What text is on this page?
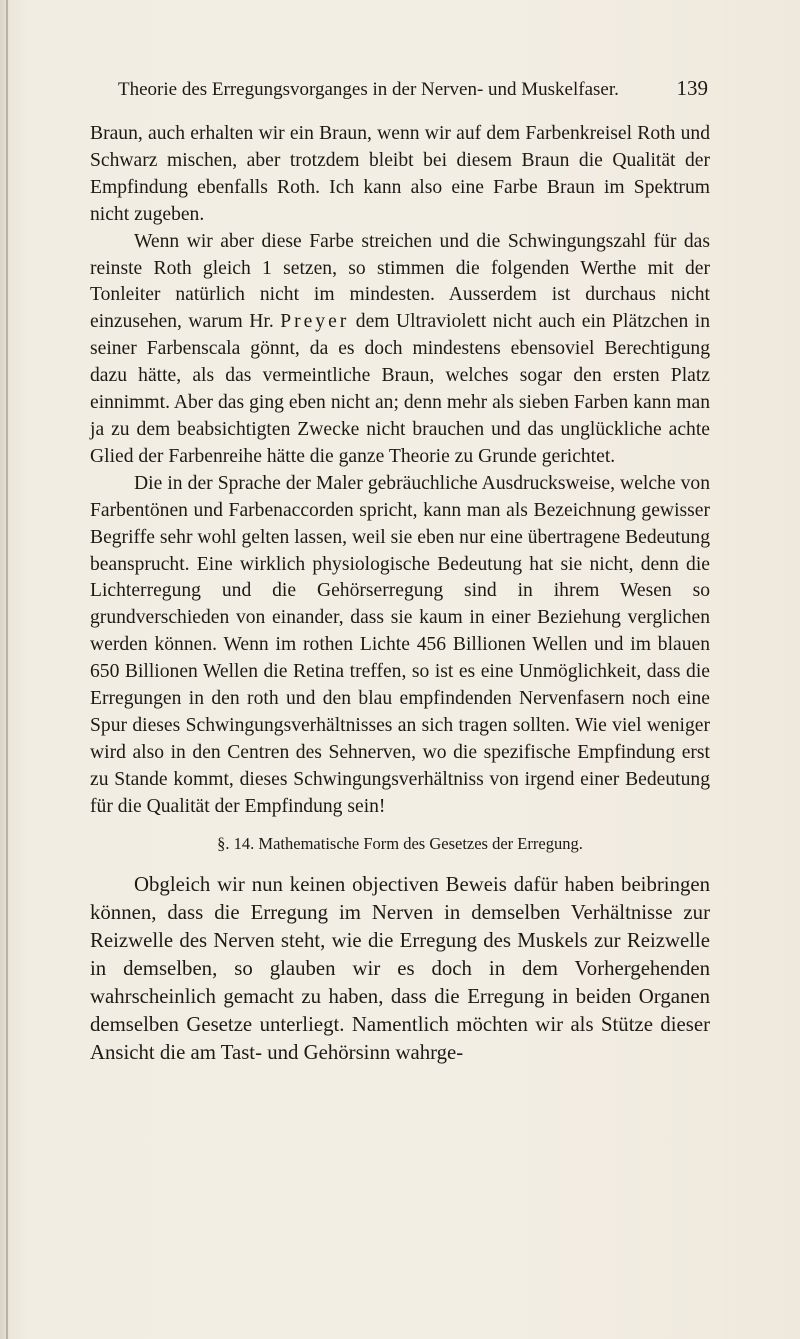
Theorie des Erregungsvorganges in der Nerven- und Muskelfaser.	139

Braun, auch erhalten wir ein Braun, wenn wir auf dem Farbenkreisel Roth und Schwarz mischen, aber trotzdem bleibt bei diesem Braun die Qualität der Empfindung ebenfalls Roth. Ich kann also eine Farbe Braun im Spektrum nicht zugeben.

Wenn wir aber diese Farbe streichen und die Schwingungszahl für das reinste Roth gleich 1 setzen, so stimmen die folgenden Werthe mit der Tonleiter natürlich nicht im mindesten. Ausserdem ist durchaus nicht einzusehen, warum Hr. Preyer dem Ultraviolett nicht auch ein Plätzchen in seiner Farbenscala gönnt, da es doch mindestens ebensoviel Berechtigung dazu hätte, als das vermeintliche Braun, welches sogar den ersten Platz einnimmt. Aber das ging eben nicht an; denn mehr als sieben Farben kann man ja zu dem beabsichtigten Zwecke nicht brauchen und das unglückliche achte Glied der Farbenreihe hätte die ganze Theorie zu Grunde gerichtet.

Die in der Sprache der Maler gebräuchliche Ausdrucksweise, welche von Farbentönen und Farbenaccorden spricht, kann man als Bezeichnung gewisser Begriffe sehr wohl gelten lassen, weil sie eben nur eine übertragene Bedeutung beansprucht. Eine wirklich physiologische Bedeutung hat sie nicht, denn die Lichterregung und die Gehörserregung sind in ihrem Wesen so grundverschieden von einander, dass sie kaum in einer Beziehung verglichen werden können. Wenn im rothen Lichte 456 Billionen Wellen und im blauen 650 Billionen Wellen die Retina treffen, so ist es eine Unmöglichkeit, dass die Erregungen in den roth und den blau empfindenden Nervenfasern noch eine Spur dieses Schwingungsverhältnisses an sich tragen sollten. Wie viel weniger wird also in den Centren des Sehnerven, wo die spezifische Empfindung erst zu Stande kommt, dieses Schwingungsverhältniss von irgend einer Bedeutung für die Qualität der Empfindung sein!

§. 14. Mathematische Form des Gesetzes der Erregung.

Obgleich wir nun keinen objectiven Beweis dafür haben beibringen können, dass die Erregung im Nerven in demselben Verhältnisse zur Reizwelle des Nerven steht, wie die Erregung des Muskels zur Reizwelle in demselben, so glauben wir es doch in dem Vorhergehenden wahrscheinlich gemacht zu haben, dass die Erregung in beiden Organen demselben Gesetze unterliegt. Namentlich möchten wir als Stütze dieser Ansicht die am Tast- und Gehörsinn wahrge-
